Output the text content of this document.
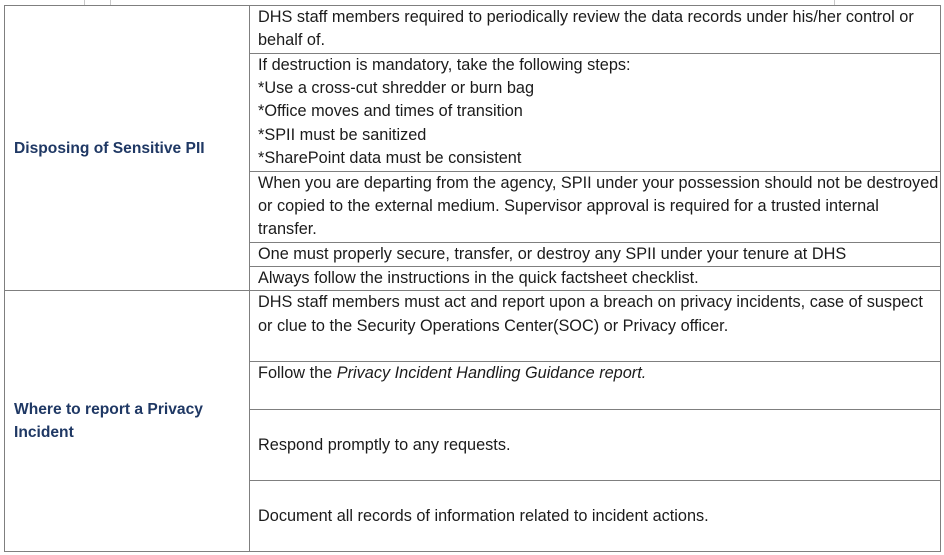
Disposing of Sensitive PII	DHS staff members required to periodically review the data records under his/her control or behalf of.

	If destruction is mandatory, take the following steps:
*Use a cross-cut shredder or burn bag
*Office moves and times of transition
*SPII must be sanitized
*SharePoint data must be consistent

	When you are departing from the agency, SPII under your possession should not be destroyed or copied to the external medium. Supervisor approval is required for a trusted internal transfer.

	One must properly secure, transfer, or destroy any SPII under your tenure at DHS

	Always follow the instructions in the quick factsheet checklist.

Where to report a Privacy Incident	DHS staff members must act and report upon a breach on privacy incidents, case of suspect or clue to the Security Operations Center(SOC) or Privacy officer.

	Follow the Privacy Incident Handling Guidance report.

	Respond promptly to any requests.

	Document all records of information related to incident actions.
